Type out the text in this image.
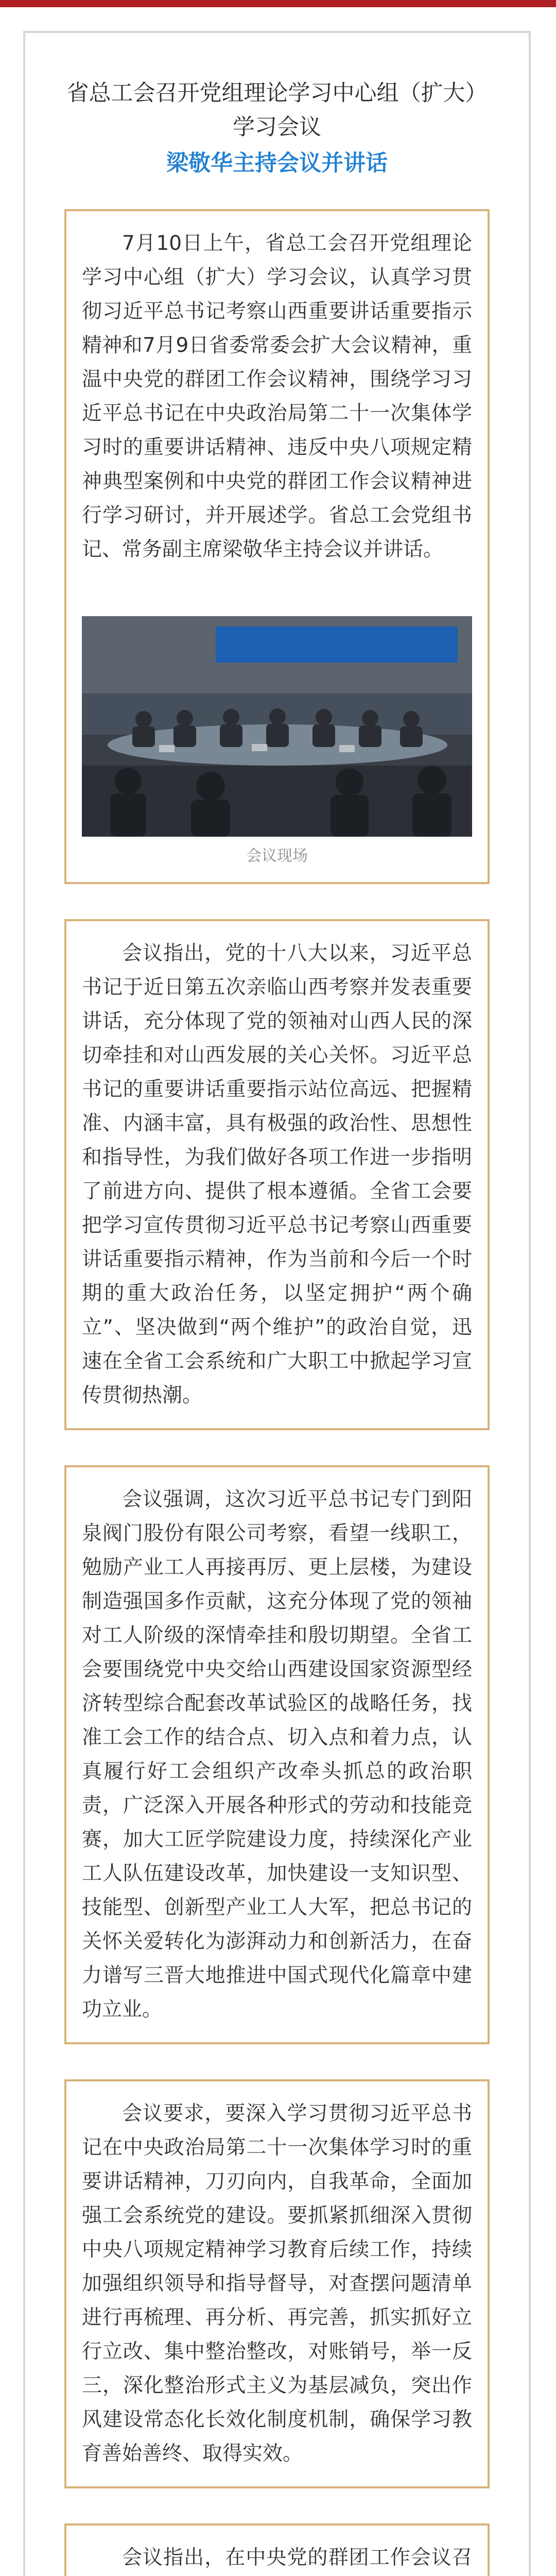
省总工会召开党组理论学习中心组（扩大）学习会议
梁敬华主持会议并讲话

7月10日上午，省总工会召开党组理论学习中心组（扩大）学习会议，认真学习贯彻习近平总书记考察山西重要讲话重要指示精神和7月9日省委常委会扩大会议精神，重温中央党的群团工作会议精神，围绕学习习近平总书记在中央政治局第二十一次集体学习时的重要讲话精神、违反中央八项规定精神典型案例和中央党的群团工作会议精神进行学习研讨，并开展述学。省总工会党组书记、常务副主席梁敬华主持会议并讲话。

会议现场

会议指出，党的十八大以来，习近平总书记于近日第五次亲临山西考察并发表重要讲话，充分体现了党的领袖对山西人民的深切牵挂和对山西发展的关心关怀。习近平总书记的重要讲话重要指示站位高远、把握精准、内涵丰富，具有极强的政治性、思想性和指导性，为我们做好各项工作进一步指明了前进方向、提供了根本遵循。全省工会要把学习宣传贯彻习近平总书记考察山西重要讲话重要指示精神，作为当前和今后一个时期的重大政治任务，以坚定拥护“两个确立”、坚决做到“两个维护”的政治自觉，迅速在全省工会系统和广大职工中掀起学习宣传贯彻热潮。

会议强调，这次习近平总书记专门到阳泉阀门股份有限公司考察，看望一线职工，勉励产业工人再接再厉、更上层楼，为建设制造强国多作贡献，这充分体现了党的领袖对工人阶级的深情牵挂和殷切期望。全省工会要围绕党中央交给山西建设国家资源型经济转型综合配套改革试验区的战略任务，找准工会工作的结合点、切入点和着力点，认真履行好工会组织产改牵头抓总的政治职责，广泛深入开展各种形式的劳动和技能竞赛，加大工匠学院建设力度，持续深化产业工人队伍建设改革，加快建设一支知识型、技能型、创新型产业工人大军，把总书记的关怀关爱转化为澎湃动力和创新活力，在奋力谱写三晋大地推进中国式现代化篇章中建功立业。

会议要求，要深入学习贯彻习近平总书记在中央政治局第二十一次集体学习时的重要讲话精神，刀刃向内，自我革命，全面加强工会系统党的建设。要抓紧抓细深入贯彻中央八项规定精神学习教育后续工作，持续加强组织领导和指导督导，对查摆问题清单进行再梳理、再分析、再完善，抓实抓好立行立改、集中整治整改，对账销号，举一反三，深化整治形式主义为基层减负，突出作风建设常态化长效化制度机制，确保学习教育善始善终、取得实效。

会议指出，在中央党的群团工作会议召
